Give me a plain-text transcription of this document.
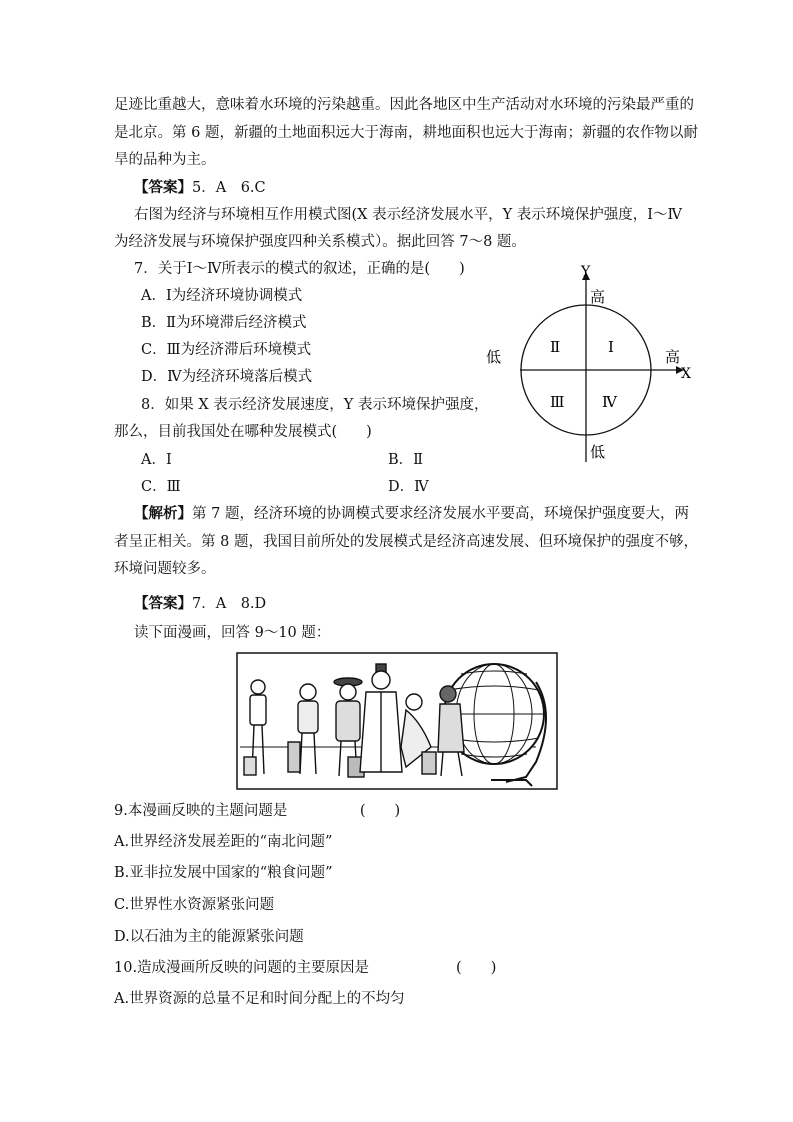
足迹比重越大，意味着水环境的污染越重。因此各地区中生产活动对水环境的污染最严重的
是北京。第 6 题，新疆的土地面积远大于海南，耕地面积也远大于海南；新疆的农作物以耐
旱的品种为主。
【答案】5．A　6.C
右图为经济与环境相互作用模式图(X 表示经济发展水平，Y 表示环境保护强度，Ⅰ～Ⅳ
为经济发展与环境保护强度四种关系模式）。据此回答 7～8 题。
7．关于Ⅰ～Ⅳ所表示的模式的叙述，正确的是(　　)
A．Ⅰ为经济环境协调模式
B．Ⅱ为环境滞后经济模式
C．Ⅲ为经济滞后环境模式
D．Ⅳ为经济环境落后模式
8．如果 X 表示经济发展速度，Y 表示环境保护强度，
那么，目前我国处在哪种发展模式(　　)
A．Ⅰ	B．Ⅱ
C．Ⅲ	D．Ⅳ
Y
X
高
高
低
低
Ⅰ
Ⅱ
Ⅲ	Ⅳ
【解析】第 7 题，经济环境的协调模式要求经济发展水平要高，环境保护强度要大，两
者呈正相关。第 8 题，我国目前所处的发展模式是经济高速发展、但环境保护的强度不够，
环境问题较多。
【答案】7．A　8.D
读下面漫画，回答 9～10 题：
9.本漫画反映的主题问题是　　　　　(　　)
A.世界经济发展差距的“南北问题”
B.亚非拉发展中国家的“粮食问题”
C.世界性水资源紧张问题
D.以石油为主的能源紧张问题
10.造成漫画所反映的问题的主要原因是　　　　　　(　　)
A.世界资源的总量不足和时间分配上的不均匀
